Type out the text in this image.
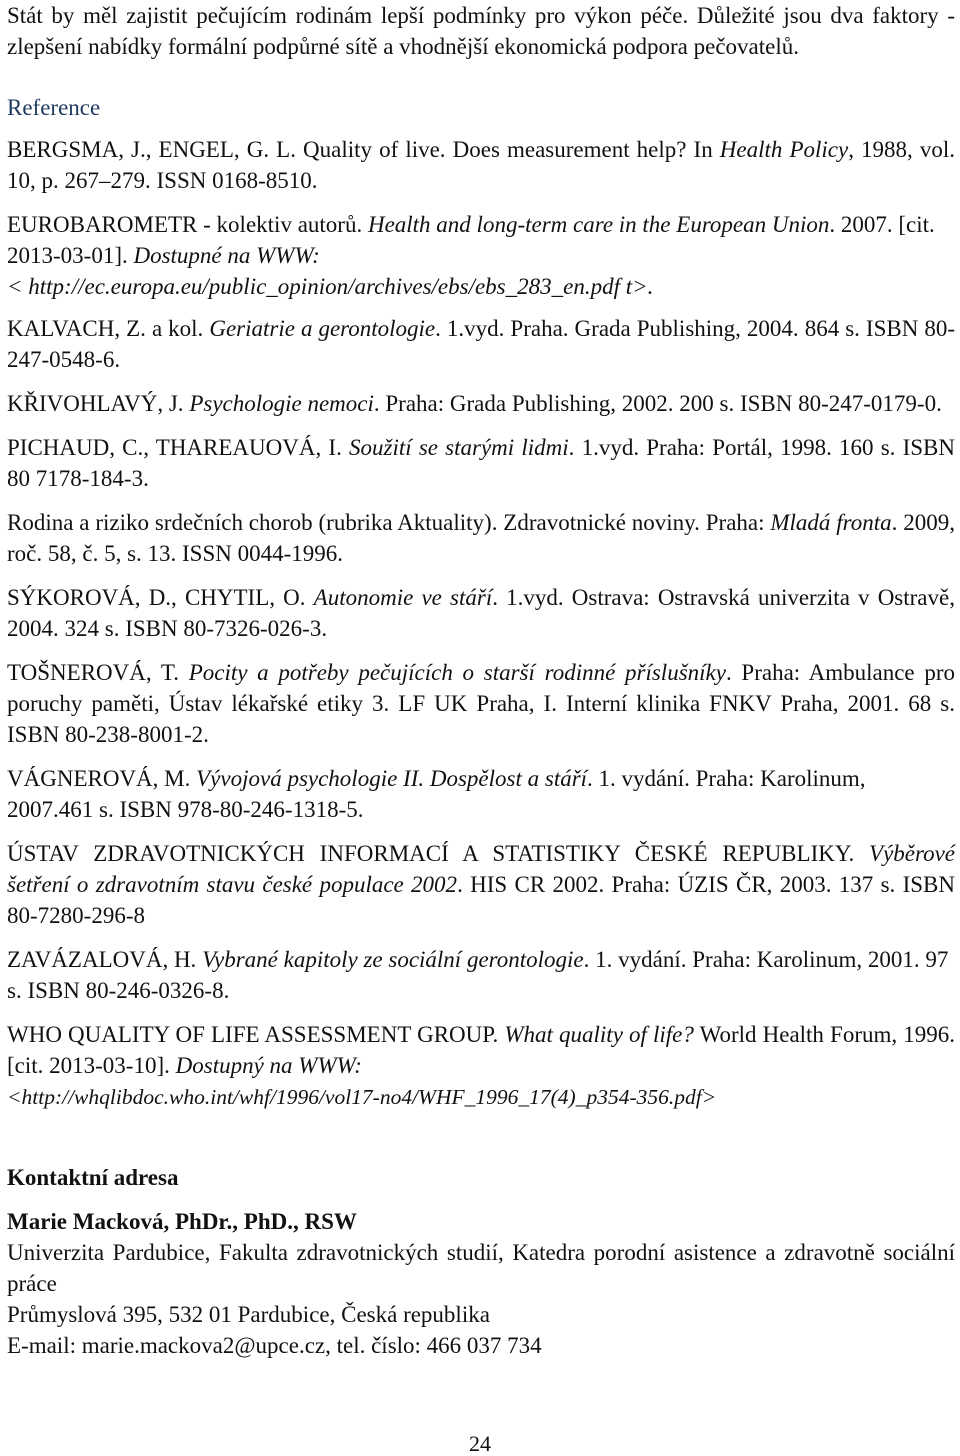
Stát by měl zajistit pečujícím rodinám lepší podmínky pro výkon péče. Důležité jsou dva faktory - zlepšení nabídky formální podpůrné sítě a vhodnější ekonomická podpora pečovatelů.

Reference

BERGSMA, J., ENGEL, G. L. Quality of live. Does measurement help? In Health Policy, 1988, vol. 10, p. 267–279. ISSN 0168-8510.

EUROBAROMETR - kolektiv autorů. Health and long-term care in the European Union. 2007. [cit. 2013-03-01]. Dostupné na WWW:
< http://ec.europa.eu/public_opinion/archives/ebs/ebs_283_en.pdf t>.

KALVACH, Z. a kol. Geriatrie a gerontologie. 1.vyd. Praha. Grada Publishing, 2004. 864 s. ISBN 80-247-0548-6.

KŘIVOHLAVÝ, J. Psychologie nemoci. Praha: Grada Publishing, 2002. 200 s. ISBN 80-247-0179-0.

PICHAUD, C., THAREAUOVÁ, I. Soužití se starými lidmi. 1.vyd. Praha: Portál, 1998. 160 s. ISBN 80 7178-184-3.

Rodina a riziko srdečních chorob (rubrika Aktuality). Zdravotnické noviny. Praha: Mladá fronta. 2009, roč. 58, č. 5, s. 13. ISSN 0044-1996.

SÝKOROVÁ, D., CHYTIL, O. Autonomie ve stáří. 1.vyd. Ostrava: Ostravská univerzita v Ostravě, 2004. 324 s. ISBN 80-7326-026-3.

TOŠNEROVÁ, T. Pocity a potřeby pečujících o starší rodinné příslušníky. Praha: Ambulance pro poruchy paměti, Ústav lékařské etiky 3. LF UK Praha, I. Interní klinika FNKV Praha, 2001. 68 s. ISBN 80-238-8001-2.

VÁGNEROVÁ, M. Vývojová psychologie II. Dospělost a stáří. 1. vydání. Praha: Karolinum, 2007.461 s. ISBN 978-80-246-1318-5.

ÚSTAV ZDRAVOTNICKÝCH INFORMACÍ A STATISTIKY ČESKÉ REPUBLIKY. Výběrové šetření o zdravotním stavu české populace 2002. HIS CR 2002. Praha: ÚZIS ČR, 2003. 137 s. ISBN 80-7280-296-8

ZAVÁZALOVÁ, H. Vybrané kapitoly ze sociální gerontologie. 1. vydání. Praha: Karolinum, 2001. 97 s. ISBN 80-246-0326-8.

WHO QUALITY OF LIFE ASSESSMENT GROUP. What quality of life? World Health Forum, 1996. [cit. 2013-03-10]. Dostupný na WWW:
<http://whqlibdoc.who.int/whf/1996/vol17-no4/WHF_1996_17(4)_p354-356.pdf>

Kontaktní adresa

Marie Macková, PhDr., PhD., RSW

Univerzita Pardubice, Fakulta zdravotnických studií, Katedra porodní asistence a zdravotně sociální práce

Průmyslová 395, 532 01 Pardubice, Česká republika

E-mail: marie.mackova2@upce.cz, tel. číslo: 466 037 734

24
